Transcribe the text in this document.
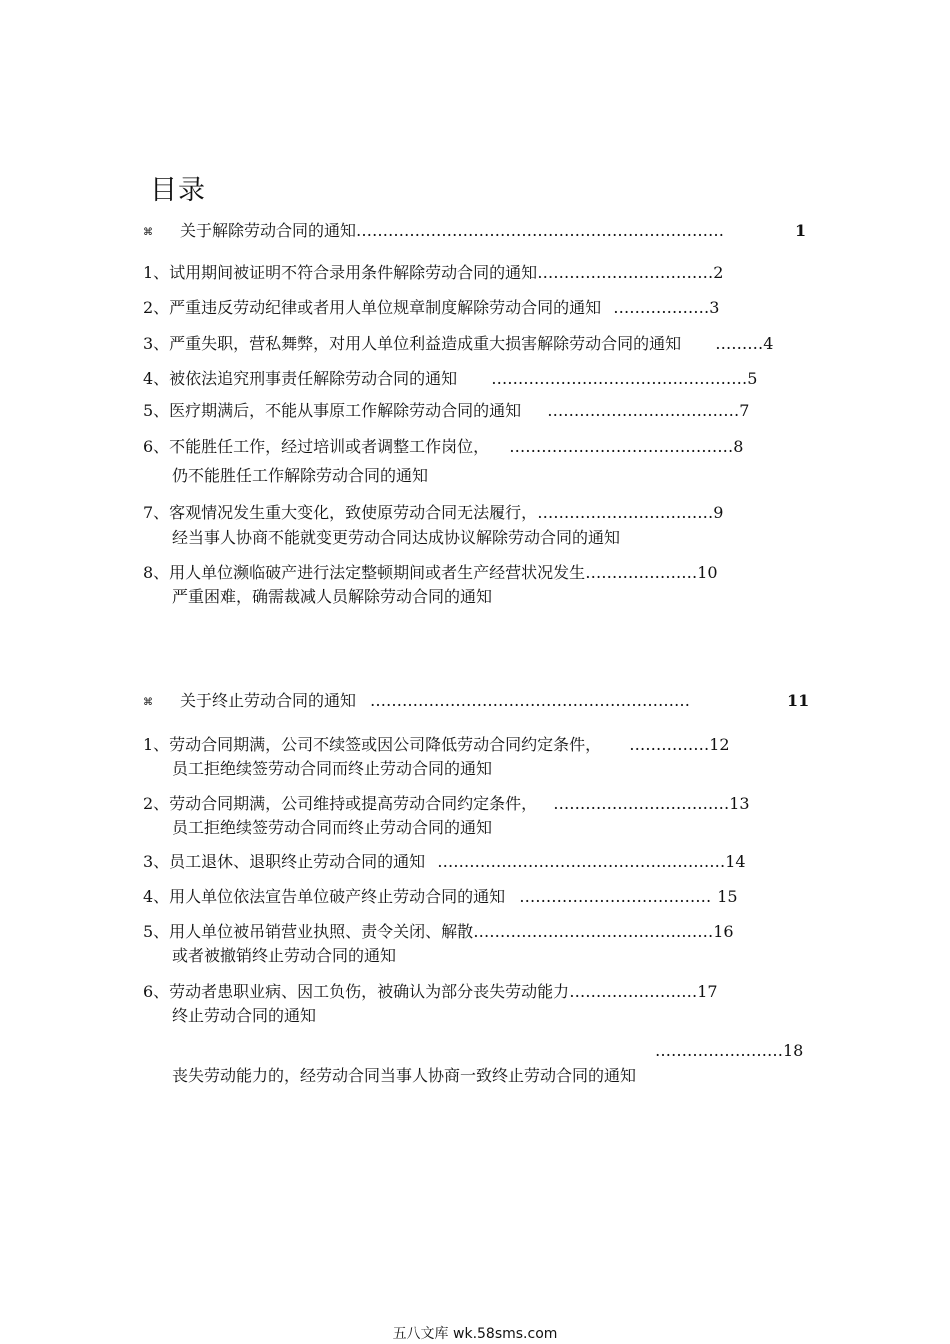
目录
⌘ 关于解除劳动合同的通知……………………………………………………………	1
1、试用期间被证明不符合录用条件解除劳动合同的通知……………………………2
2、严重违反劳动纪律或者用人单位规章制度解除劳动合同的通知 ………………3
3、严重失职，营私舞弊，对用人单位利益造成重大损害解除劳动合同的通知 ………4
4、被依法追究刑事责任解除劳动合同的通知 …………………………………………5
5、医疗期满后，不能从事原工作解除劳动合同的通知 ………………………………7
6、不能胜任工作，经过培训或者调整工作岗位， ……………………………………8
仍不能胜任工作解除劳动合同的通知
7、客观情况发生重大变化，致使原劳动合同无法履行，……………………………9
经当事人协商不能就变更劳动合同达成协议解除劳动合同的通知
8、用人单位濒临破产进行法定整顿期间或者生产经营状况发生…………………10
严重困难，确需裁减人员解除劳动合同的通知
⌘ 关于终止劳动合同的通知 ……………………………………………………	11
1、劳动合同期满，公司不续签或因公司降低劳动合同约定条件， ……………12
员工拒绝续签劳动合同而终止劳动合同的通知
2、劳动合同期满，公司维持或提高劳动合同约定条件， ……………………………13
员工拒绝续签劳动合同而终止劳动合同的通知
3、员工退休、退职终止劳动合同的通知 ………………………………………………14
4、用人单位依法宣告单位破产终止劳动合同的通知 ……………………………… 15
5、用人单位被吊销营业执照、责令关闭、解散………………………………………16
或者被撤销终止劳动合同的通知
6、劳动者患职业病、因工负伤，被确认为部分丧失劳动能力……………………17
终止劳动合同的通知
……………………18
丧失劳动能力的，经劳动合同当事人协商一致终止劳动合同的通知
五八文库 wk.58sms.com
